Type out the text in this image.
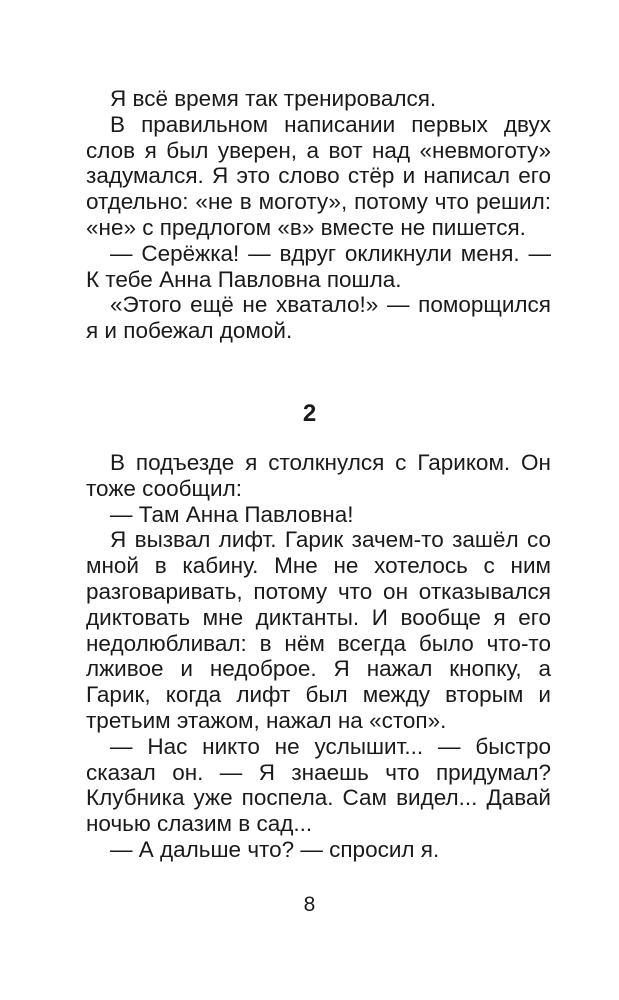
Я всё время так тренировался.

В правильном написании первых двух слов я был уверен, а вот над «невмоготу» задумался. Я это слово стёр и написал его отдельно: «не в моготу», потому что решил: «не» с предлогом «в» вместе не пишется.

— Серёжка! — вдруг окликнули меня. — К тебе Анна Павловна пошла.

«Этого ещё не хватало!» — поморщился я и побежал домой.

2

В подъезде я столкнулся с Гариком. Он тоже сообщил:

— Там Анна Павловна!

Я вызвал лифт. Гарик зачем-то зашёл со мной в кабину. Мне не хотелось с ним разговаривать, потому что он отказывался диктовать мне диктанты. И вообще я его недолюбливал: в нём всегда было что-то лживое и недоброе. Я нажал кнопку, а Гарик, когда лифт был между вторым и третьим этажом, нажал на «стоп».

— Нас никто не услышит... — быстро сказал он. — Я знаешь что придумал? Клубника уже поспела. Сам видел... Давай ночью слазим в сад...

— А дальше что? — спросил я.

8
